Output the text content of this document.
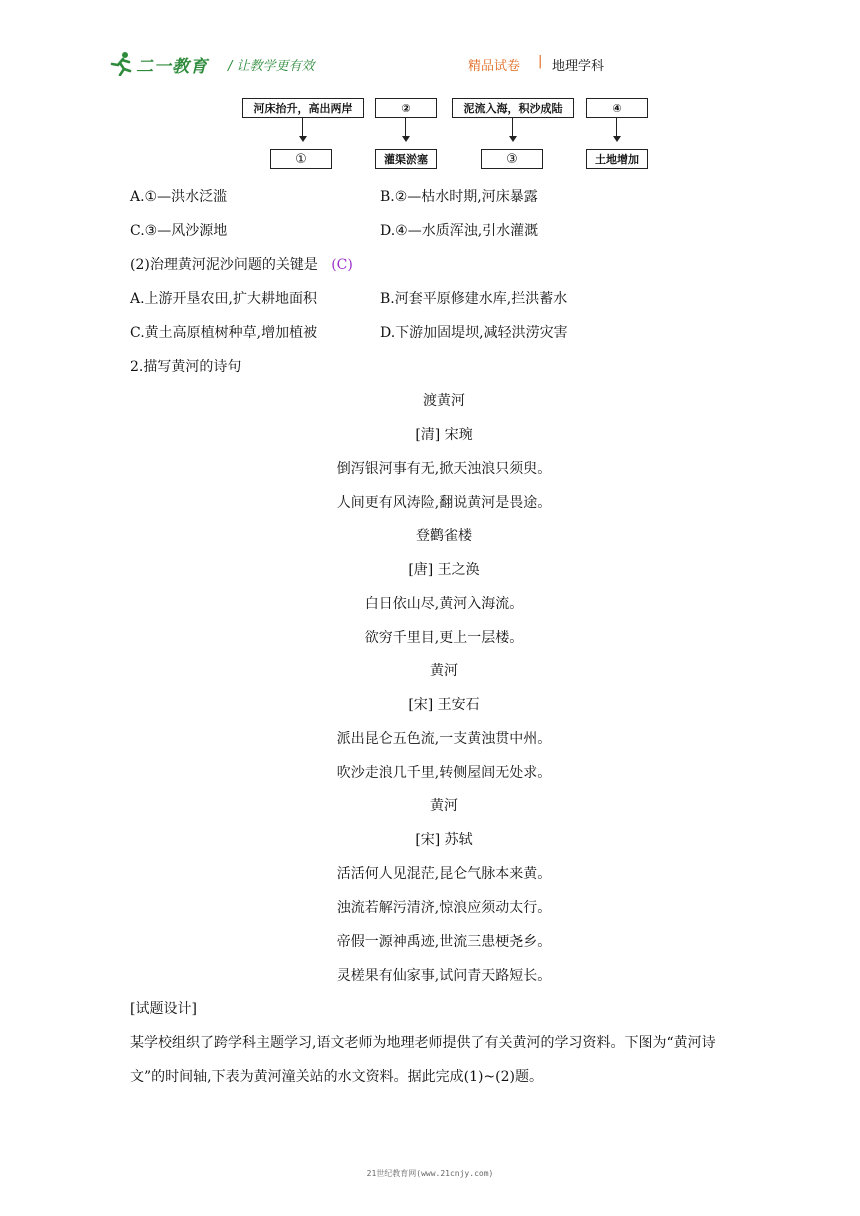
二一教育 / 让教学更有效	精品试卷 | 地理学科
河床抬升，高出两岸	②	泥流入海，积沙成陆	④
①	灌渠淤塞	③	土地增加
A.①—洪水泛滥	B.②—枯水时期,河床暴露
C.③—风沙源地	D.④—水质浑浊,引水灌溉
(2)治理黄河泥沙问题的关键是 (C)
A.上游开垦农田,扩大耕地面积	B.河套平原修建水库,拦洪蓄水
C.黄土高原植树种草,增加植被	D.下游加固堤坝,减轻洪涝灾害
2.描写黄河的诗句
渡黄河
[清] 宋琬
倒泻银河事有无,掀天浊浪只须臾。
人间更有风涛险,翻说黄河是畏途。
登鹳雀楼
[唐] 王之涣
白日依山尽,黄河入海流。
欲穷千里目,更上一层楼。
黄河
[宋] 王安石
派出昆仑五色流,一支黄浊贯中州。
吹沙走浪几千里,转侧屋闾无处求。
黄河
[宋] 苏轼
活活何人见混茫,昆仑气脉本来黄。
浊流若解污清济,惊浪应须动太行。
帝假一源神禹迹,世流三患梗尧乡。
灵槎果有仙家事,试问青天路短长。
[试题设计]
某学校组织了跨学科主题学习,语文老师为地理老师提供了有关黄河的学习资料。下图为“黄河诗
文”的时间轴,下表为黄河潼关站的水文资料。据此完成(1)~(2)题。
21世纪教育网(www.21cnjy.com)
